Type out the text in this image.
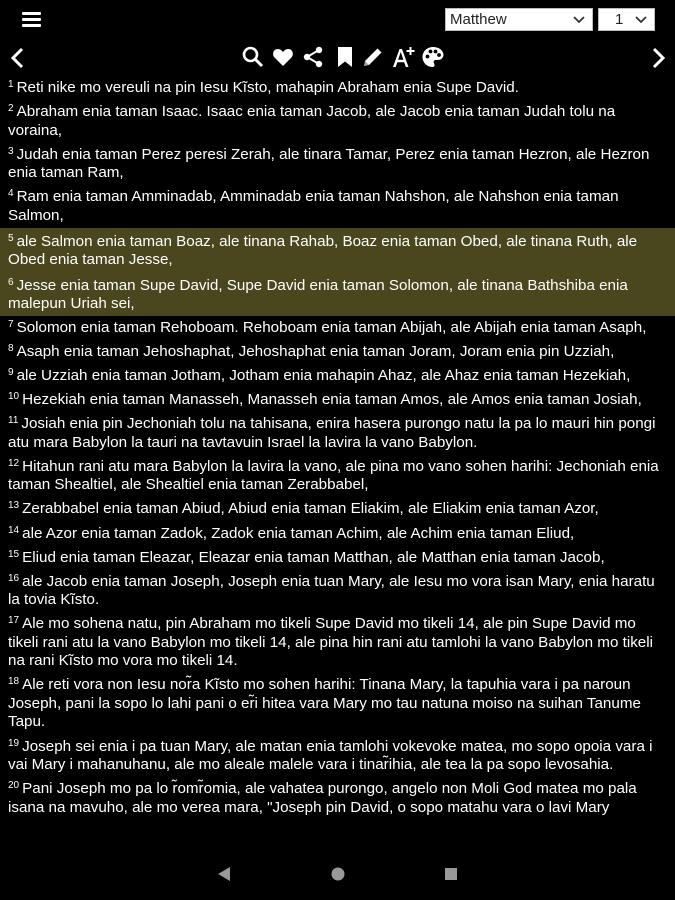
Matthew	1
$^1$ Reti nike mo vereuli na pin Iesu Kĩsto, mahapin Abraham enia Supe David.
$^2$ Abraham enia taman Isaac. Isaac enia taman Jacob, ale Jacob enia taman Judah tolu na voraina,
$^3$ Judah enia taman Perez peresi Zerah, ale tinara Tamar, Perez enia taman Hezron, ale Hezron enia taman Ram,
$^4$ Ram enia taman Amminadab, Amminadab enia taman Nahshon, ale Nahshon enia taman Salmon,
$^5$ ale Salmon enia taman Boaz, ale tinana Rahab, Boaz enia taman Obed, ale tinana Ruth, ale Obed enia taman Jesse,
$^6$ Jesse enia taman Supe David, Supe David enia taman Solomon, ale tinana Bathshiba enia malepun Uriah sei,
$^7$ Solomon enia taman Rehoboam. Rehoboam enia taman Abijah, ale Abijah enia taman Asaph,
$^8$ Asaph enia taman Jehoshaphat, Jehoshaphat enia taman Joram, Joram enia pin Uzziah,
$^9$ ale Uzziah enia taman Jotham, Jotham enia mahapin Ahaz, ale Ahaz enia taman Hezekiah,
$^{10}$ Hezekiah enia taman Manasseh, Manasseh enia taman Amos, ale Amos enia taman Josiah,
$^{11}$ Josiah enia pin Jechoniah tolu na tahisana, enira hasera purongo natu la pa lo mauri hin pongi atu mara Babylon la tauri na tavtavuin Israel la lavira la vano Babylon.
$^{12}$ Hitahun rani atu mara Babylon la lavira la vano, ale pina mo vano sohen harihi: Jechoniah enia taman Shealtiel, ale Shealtiel enia taman Zerabbabel,
$^{13}$ Zerabbabel enia taman Abiud, Abiud enia taman Eliakim, ale Eliakim enia taman Azor,
$^{14}$ ale Azor enia taman Zadok, Zadok enia taman Achim, ale Achim enia taman Eliud,
$^{15}$ Eliud enia taman Eleazar, Eleazar enia taman Matthan, ale Matthan enia taman Jacob,
$^{16}$ ale Jacob enia taman Joseph, Joseph enia tuan Mary, ale Iesu mo vora isan Mary, enia haratu la tovia Kĩsto.
$^{17}$ Ale mo sohena natu, pin Abraham mo tikeli Supe David mo tikeli 14, ale pin Supe David mo tikeli rani atu la vano Babylon mo tikeli 14, ale pina hin rani atu tamlohi la vano Babylon mo tikeli na rani Kĩsto mo vora mo tikeli 14.
$^{18}$ Ale reti vora non Iesu nor̃a Kĩsto mo sohen harihi: Tinana Mary, la tapuhia vara i pa naroun Joseph, pani la sopo lo lahi pani o er̃i hitea vara Mary mo tau natuna moiso na suihan Tanume Tapu.
$^{19}$ Joseph sei enia i pa tuan Mary, ale matan enia tamlohi vokevoke matea, mo sopo opoia vara i vai Mary i mahanuhanu, ale mo alealе malele vara i tinar̃ihia, ale tea la pa sopo levosahia.
$^{20}$ Pani Joseph mo pa lo r̃omr̃omia, ale vahatea purongo, angelo non Moli God matea mo pala isana na mavuho, ale mo verea mara, "Joseph pin David, o sopo matahu vara o lavi Mary
